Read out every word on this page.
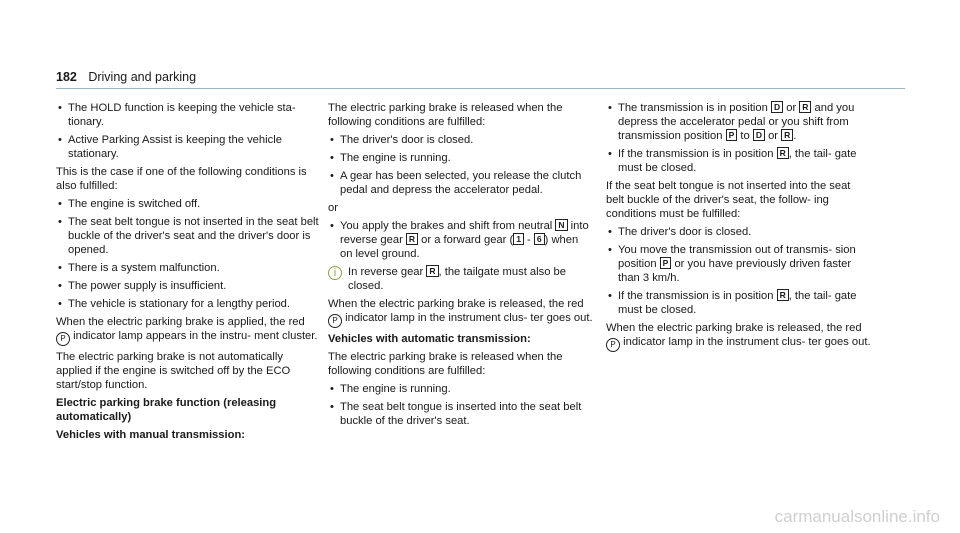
182 Driving and parking
• The HOLD function is keeping the vehicle sta- tionary.
• Active Parking Assist is keeping the vehicle stationary.

This is the case if one of the following conditions is also fulfilled:

• The engine is switched off.
• The seat belt tongue is not inserted in the seat belt buckle of the driver's seat and the driver's door is opened.
• There is a system malfunction.
• The power supply is insufficient.
• The vehicle is stationary for a lengthy period.

When the electric parking brake is applied, the red P indicator lamp appears in the instru- ment cluster.

The electric parking brake is not automatically applied if the engine is switched off by the ECO start/stop function.

Electric parking brake function (releasing automatically)

Vehicles with manual transmission:

The electric parking brake is released when the following conditions are fulfilled:

• The driver's door is closed.
• The engine is running.
• A gear has been selected, you release the clutch pedal and depress the accelerator pedal.

or

• You apply the brakes and shift from neutral N into reverse gear R or a forward gear ( 1 - 6 ) when on level ground.
i	In reverse gear R , the tailgate must also be closed.

When the electric parking brake is released, the red P indicator lamp in the instrument clus- ter goes out.

Vehicles with automatic transmission:

The electric parking brake is released when the following conditions are fulfilled:

• The engine is running.
• The seat belt tongue is inserted into the seat belt buckle of the driver's seat.
• The transmission is in position D or R and you depress the accelerator pedal or you shift from transmission position P to D or R .
• If the transmission is in position R , the tail- gate must be closed.

If the seat belt tongue is not inserted into the seat belt buckle of the driver's seat, the follow- ing conditions must be fulfilled:

• The driver's door is closed.
• You move the transmission out of transmis- sion position P or you have previously driven faster than 3 km/h.
• If the transmission is in position R , the tail- gate must be closed.

When the electric parking brake is released, the red P indicator lamp in the instrument clus- ter goes out.

carmanualsonline.info
